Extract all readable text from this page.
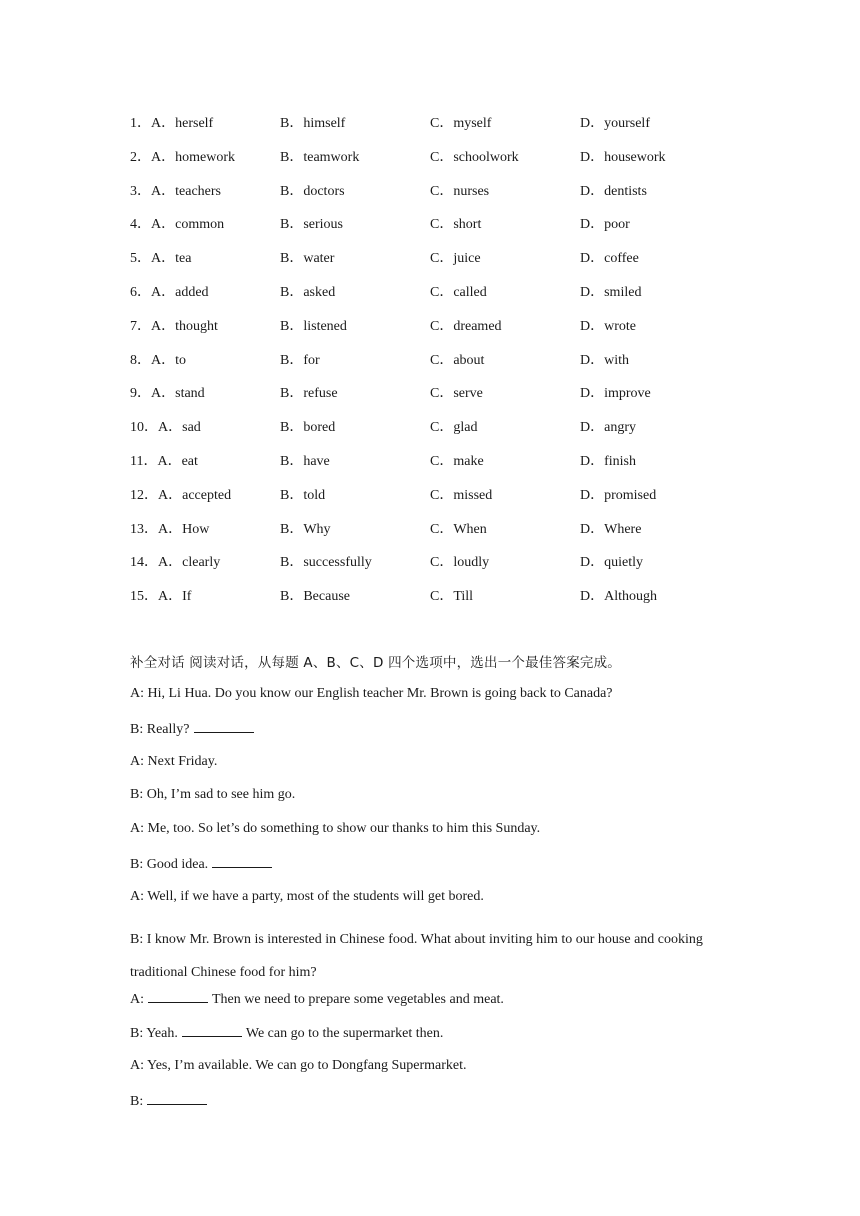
1．A．herself	B．himself	C．myself	D．yourself
2．A．homework	B．teamwork	C．schoolwork	D．housework
3．A．teachers	B．doctors	C．nurses	D．dentists
4．A．common	B．serious	C．short	D．poor
5．A．tea	B．water	C．juice	D．coffee
6．A．added	B．asked	C．called	D．smiled
7．A．thought	B．listened	C．dreamed	D．wrote
8．A．to	B．for	C．about	D．with
9．A．stand	B．refuse	C．serve	D．improve
10．A．sad	B．bored	C．glad	D．angry
11．A．eat	B．have	C．make	D．finish
12．A．accepted	B．told	C．missed	D．promised
13．A．How	B．Why	C．When	D．Where
14．A．clearly	B．successfully	C．loudly	D．quietly
15．A．If	B．Because	C．Till	D．Although
补全对话 阅读对话，从每题 A、B、C、D 四个选项中，选出一个最佳答案完成。
A: Hi, Li Hua. Do you know our English teacher Mr. Brown is going back to Canada?
B: Really?
A: Next Friday.
B: Oh, I’m sad to see him go.
A: Me, too. So let’s do something to show our thanks to him this Sunday.
B: Good idea.
A: Well, if we have a party, most of the students will get bored.
B: I know Mr. Brown is interested in Chinese food. What about inviting him to our house and cooking traditional Chinese food for him?
A:	Then we need to prepare some vegetables and meat.
B: Yeah.	We can go to the supermarket then.
A: Yes, I’m available. We can go to Dongfang Supermarket.
B:
